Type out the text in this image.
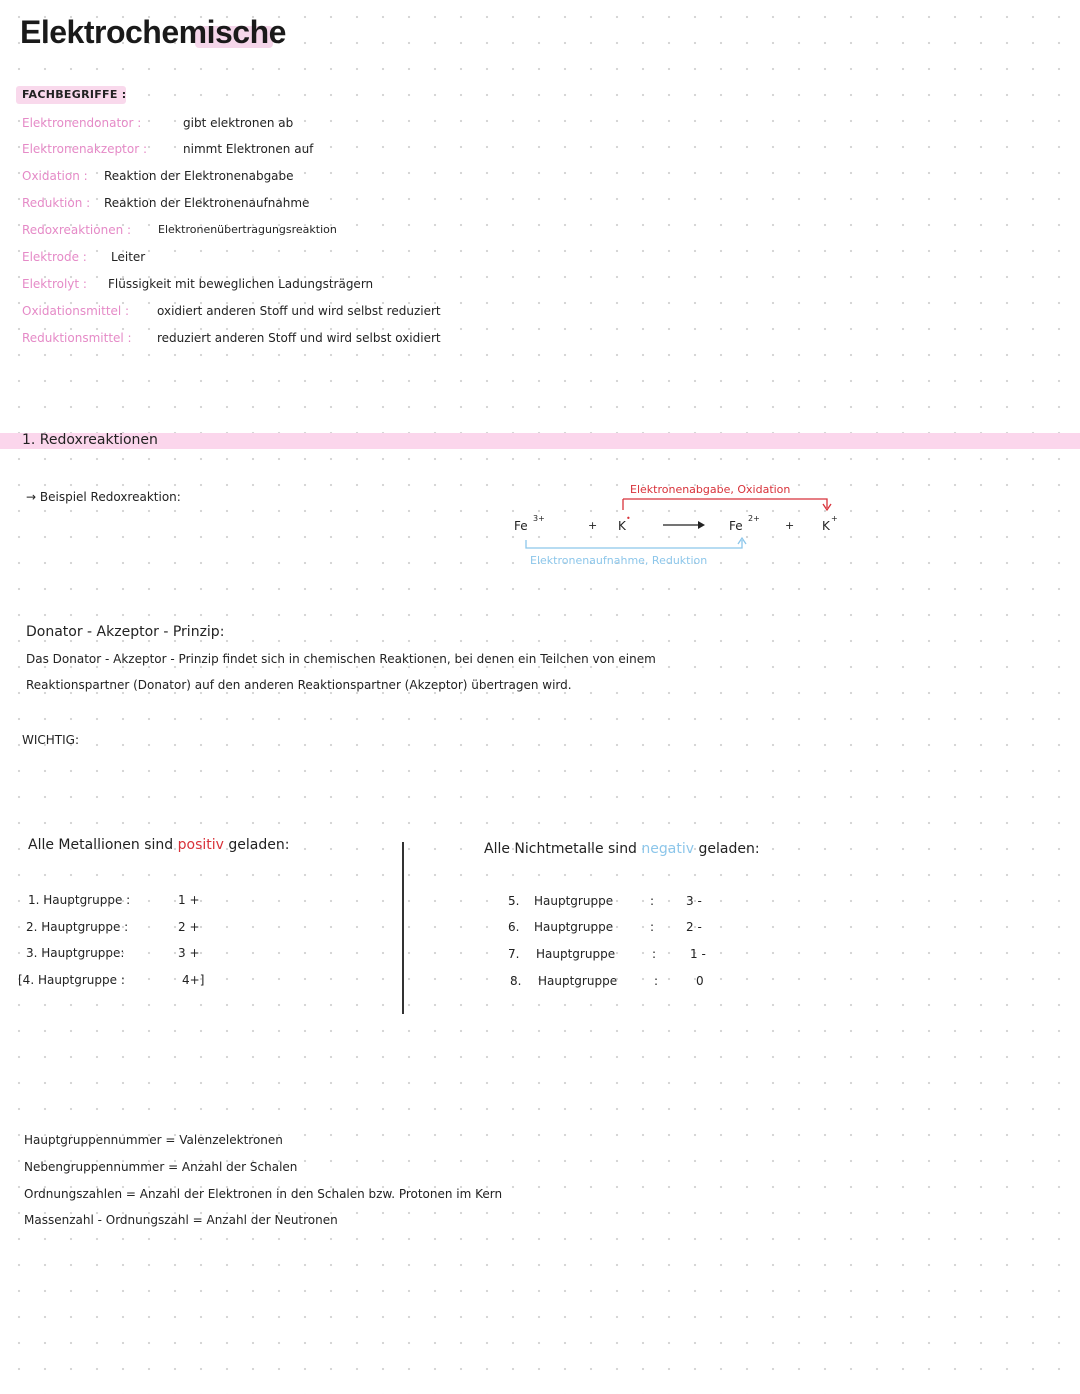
Elektrochemische
FACHBEGRIFFE :
Elektronendonator :	gibt elektronen ab
Elektronenakzeptor :	nimmt Elektronen auf
Oxidation : Reaktion der Elektronenabgabe
Reduktion : Reaktion der Elektronenaufnahme
Redoxreaktionen : Elektronenübertragungsreaktion
Elektrode : Leiter
Elektrolyt : Flüssigkeit mit beweglichen Ladungsträgern
Oxidationsmittel : oxidiert anderen Stoff und wird selbst reduziert
Reduktionsmittel : reduziert anderen Stoff und wird selbst oxidiert
1. Redoxreaktionen
→ Beispiel Redoxreaktion:
Elektronenabgabe, Oxidation
Fe
3+
+ K
•
Fe
2+
+ K
+
Elektronenaufnahme, Reduktion
Donator - Akzeptor - Prinzip:
Das Donator - Akzeptor - Prinzip findet sich in chemischen Reaktionen, bei denen ein Teilchen von einem
Reaktionspartner (Donator) auf den anderen Reaktionspartner (Akzeptor) übertragen wird.
WICHTIG:
Alle Metallionen sind positiv geladen:
1. Hauptgruppe :	1 +
2. Hauptgruppe :	2 +
3. Hauptgruppe:	3 +
[4. Hauptgruppe :	4+]
Alle Nichtmetalle sind negativ geladen:
5. Hauptgruppe	:	3 -
6. Hauptgruppe	:	2 -
7. Hauptgruppe	:	1 -
8. Hauptgruppe	:	0
Hauptgruppennummer = Valenzelektronen
Nebengruppennummer = Anzahl der Schalen
Ordnungszahlen = Anzahl der Elektronen in den Schalen bzw. Protonen im Kern
Massenzahl - Ordnungszahl = Anzahl der Neutronen
